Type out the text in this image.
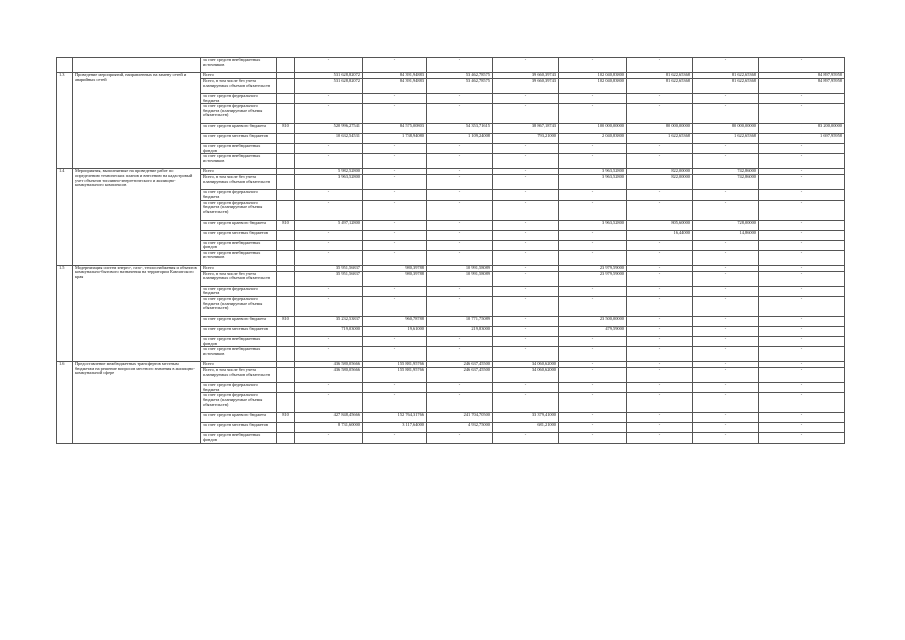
		за счет средств внебюджетных источников		-	-	-	-	-	-	-	-
1.3	Проведение мероприятий, направленных на замену сетей и аварийных сетей	Всего		531 628,82072	84 391,94883	53 462,78575	39 660,39743	102 040,83800	81 622,65368	81 622,65368	84 897,95958
		Всего, в том числе без учета планируемых объемов обязательств		531 628,82072	84 391,94883	53 462,78575	39 660,39743	102 040,83800	81 622,65368	81 622,65368	84 897,95958
		за счет средств федерального бюджета		-	-	-	-	-	-	-	-
		за счет средств федерального бюджета (планируемые объемы обязательств)		-	-	-	-	-	-	-	-
		за счет средств краевого бюджета	810	520 996,27541	84 575,00803	54 353,71615	38 867,18743	100 000,00000	80 000,00000	80 000,00000	83 200,00000
		за счет средств местных бюджетов		10 632,54531	1 738,94080	1 109,24008	793,21000	2 040,83800	1 622,65368	1 622,65368	1 697,95958
		за счет средств внебюджетных фондов		-	-	-	-	-	-	-	-
		за счет средств внебюджетных источников		-	-	-	-	-	-	-	-
1.4	Мероприятия, выполняемые на проведение работ по определению технических планов и внесению на кадастровый учет объектов топливно-энергетического и жилищно-коммунального комплексов	Всего		5 982,52800	-	-	-	3 963,52800	822,00000	742,86000	-
		Всего, в том числе без учета планируемых объемов обязательств		3 963,52800	-	-	-	3 963,52800	822,00000	742,86000	-
		за счет средств федерального бюджета		-	-	-	-	-	-	-	-
		за счет средств федерального бюджета (планируемые объемы обязательств)		-	-	-	-	-	-	-	-
		за счет средств краевого бюджета	810	5 497,12800	-	-	-	3 963,52800	805,60000	728,00000	-
		за счет средств местных бюджетов		-	-	-	-	-	16,44000	14,86000	-
		за счет средств внебюджетных фондов		-	-	-	-	-	-	-	-
		за счет средств внебюджетных источников		-	-	-	-	-	-	-	-
1.5	Модернизация систем энерго-, газо-, теплоснабжения и объектов коммунально-бытового назначения на территории Камчатского края	Всего		35 951,56837	980,39788	10 991,58089	-	23 979,59000	-	-	-
		Всего, в том числе без учета планируемых объемов обязательств		35 951,56837	980,39788	10 991,58089	-	23 979,59000	-	-	-
		за счет средств федерального бюджета		-	-	-	-	-	-	-	-
		за счет средств федерального бюджета (планируемые объемы обязательств)		-	-	-	-	-	-	-	-
		за счет средств краевого бюджета	810	35 232,53837	960,78788	10 771,75089	-	23 500,00000	-	-	-
		за счет средств местных бюджетов		719,03000	19,61000	219,83000	-	479,59000	-	-	-
		за счет средств внебюджетных фондов		-	-	-	-	-	-	-	-
		за счет средств внебюджетных источников		-	-	-	-	-	-	-	-
1.6	Предоставление межбюджетных трансфертов местным бюджетам на решение вопросов местного значения в жилищно-коммунальной сфере	Всего		436 580,05666	155 881,95766	246 637,45500	34 060,62000	-	-	-	-
		Всего, в том числе без учета планируемых объемов обязательств		436 580,05666	155 881,95766	246 637,45500	34 060,62000	-	-	-	-
		за счет средств федерального бюджета		-	-	-	-	-	-	-	-
		за счет средств федерального бюджета (планируемые объемы обязательств)		-	-	-	-	-	-	-	-
		за счет средств краевого бюджета	810	427 848,45666	152 764,31766	241 704,70500	33 379,41000	-	-	-	-
		за счет средств местных бюджетов		8 731,60000	3 117,64000	4 932,75000	681,21000	-	-	-	-
		за счет средств внебюджетных фондов		-	-	-	-	-	-	-	-
